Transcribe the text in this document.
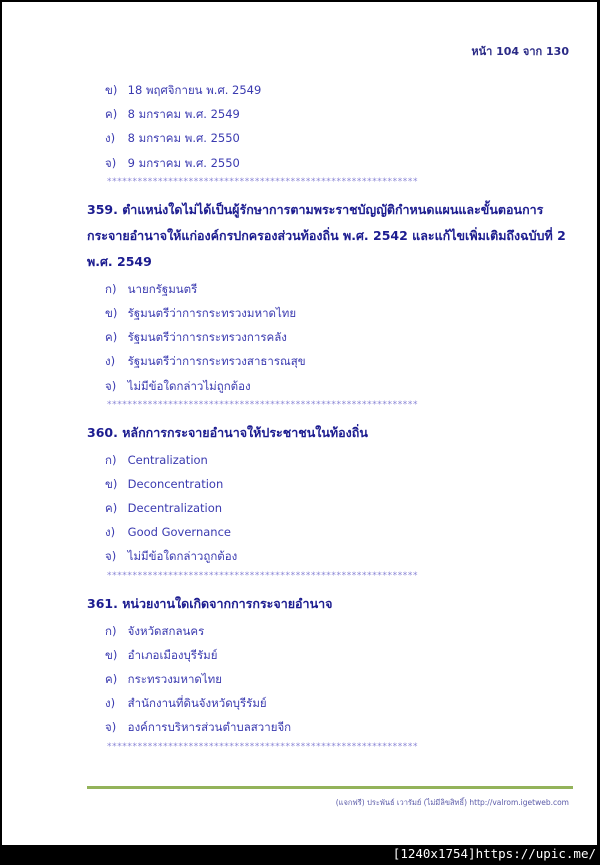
หน้า 104 จาก 130
ข) 18 พฤศจิกายน พ.ศ. 2549
ค) 8 มกราคม พ.ศ. 2549
ง) 8 มกราคม พ.ศ. 2550
จ) 9 มกราคม พ.ศ. 2550
*************************************************************
359. ตำแหน่งใดไม่ได้เป็นผู้รักษาการตามพระราชบัญญัติกำหนดแผนและขั้นตอนการ
กระจายอำนาจให้แก่องค์กรปกครองส่วนท้องถิ่น พ.ศ. 2542 และแก้ไขเพิ่มเติมถึงฉบับที่ 2
พ.ศ. 2549
ก) นายกรัฐมนตรี
ข) รัฐมนตรีว่าการกระทรวงมหาดไทย
ค) รัฐมนตรีว่าการกระทรวงการคลัง
ง) รัฐมนตรีว่าการกระทรวงสาธารณสุข
จ) ไม่มีข้อใดกล่าวไม่ถูกต้อง
*************************************************************
360. หลักการกระจายอำนาจให้ประชาชนในท้องถิ่น
ก) Centralization
ข) Deconcentration
ค) Decentralization
ง) Good Governance
จ) ไม่มีข้อใดกล่าวถูกต้อง
*************************************************************
361. หน่วยงานใดเกิดจากการกระจายอำนาจ
ก) จังหวัดสกลนคร
ข) อำเภอเมืองบุรีรัมย์
ค) กระทรวงมหาดไทย
ง) สำนักงานที่ดินจังหวัดบุรีรัมย์
จ) องค์การบริหารส่วนตำบลสวายจีก
*************************************************************
(แจกฟรี) ประพันธ์ เวารัมย์ (ไม่มีลิขสิทธิ์) http://valrom.igetweb.com
[1240x1754]https://upic.me/
